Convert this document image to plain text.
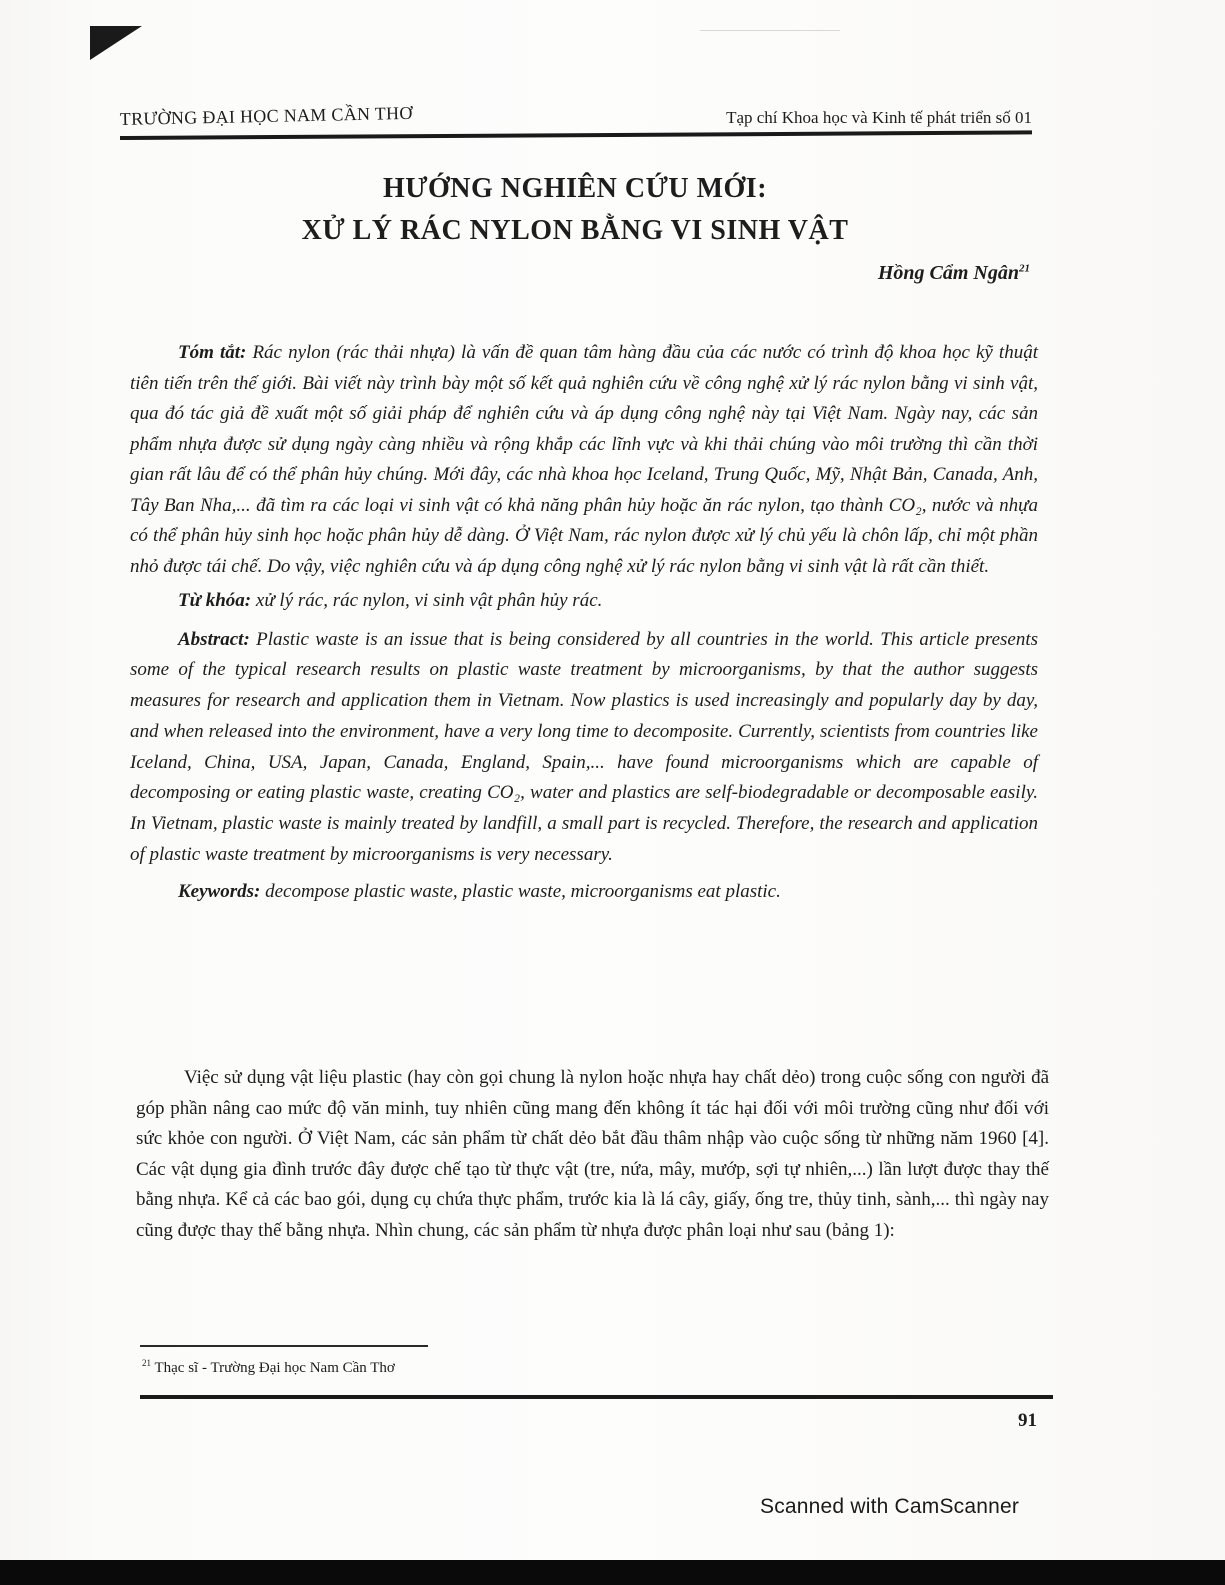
TRƯỜNG ĐẠI HỌC NAM CẦN THƠ	Tạp chí Khoa học và Kinh tế phát triển số 01
HƯỚNG NGHIÊN CỨU MỚI:
XỬ LÝ RÁC NYLON BẰNG VI SINH VẬT
Hồng Cẩm Ngân$^{21}$

Tóm tắt: Rác nylon (rác thải nhựa) là vấn đề quan tâm hàng đầu của các nước có trình độ khoa học kỹ thuật tiên tiến trên thế giới. Bài viết này trình bày một số kết quả nghiên cứu về công nghệ xử lý rác nylon bằng vi sinh vật, qua đó tác giả đề xuất một số giải pháp để nghiên cứu và áp dụng công nghệ này tại Việt Nam. Ngày nay, các sản phẩm nhựa được sử dụng ngày càng nhiều và rộng khắp các lĩnh vực và khi thải chúng vào môi trường thì cần thời gian rất lâu để có thể phân hủy chúng. Mới đây, các nhà khoa học Iceland, Trung Quốc, Mỹ, Nhật Bản, Canada, Anh, Tây Ban Nha,... đã tìm ra các loại vi sinh vật có khả năng phân hủy hoặc ăn rác nylon, tạo thành CO₂, nước và nhựa có thể phân hủy sinh học hoặc phân hủy dễ dàng. Ở Việt Nam, rác nylon được xử lý chủ yếu là chôn lấp, chỉ một phần nhỏ được tái chế. Do vậy, việc nghiên cứu và áp dụng công nghệ xử lý rác nylon bằng vi sinh vật là rất cần thiết.

Từ khóa: xử lý rác, rác nylon, vi sinh vật phân hủy rác.

Abstract: Plastic waste is an issue that is being considered by all countries in the world. This article presents some of the typical research results on plastic waste treatment by microorganisms, by that the author suggests measures for research and application them in Vietnam. Now plastics is used increasingly and popularly day by day, and when released into the environment, have a very long time to decomposite. Currently, scientists from countries like Iceland, China, USA, Japan, Canada, England, Spain,... have found microorganisms which are capable of decomposing or eating plastic waste, creating CO₂, water and plastics are self-biodegradable or decomposable easily. In Vietnam, plastic waste is mainly treated by landfill, a small part is recycled. Therefore, the research and application of plastic waste treatment by microorganisms is very necessary.

Keywords: decompose plastic waste, plastic waste, microorganisms eat plastic.

Việc sử dụng vật liệu plastic (hay còn gọi chung là nylon hoặc nhựa hay chất dẻo) trong cuộc sống con người đã góp phần nâng cao mức độ văn minh, tuy nhiên cũng mang đến không ít tác hại đối với môi trường cũng như đối với sức khỏe con người. Ở Việt Nam, các sản phẩm từ chất dẻo bắt đầu thâm nhập vào cuộc sống từ những năm 1960 [4]. Các vật dụng gia đình trước đây được chế tạo từ thực vật (tre, nứa, mây, mướp, sợi tự nhiên,...) lần lượt được thay thế bằng nhựa. Kể cả các bao gói, dụng cụ chứa thực phẩm, trước kia là lá cây, giấy, ống tre, thủy tinh, sành,... thì ngày nay cũng được thay thế bằng nhựa. Nhìn chung, các sản phẩm từ nhựa được phân loại như sau (bảng 1):

$^{21}$ Thạc sĩ - Trường Đại học Nam Cần Thơ
91
Scanned with CamScanner
